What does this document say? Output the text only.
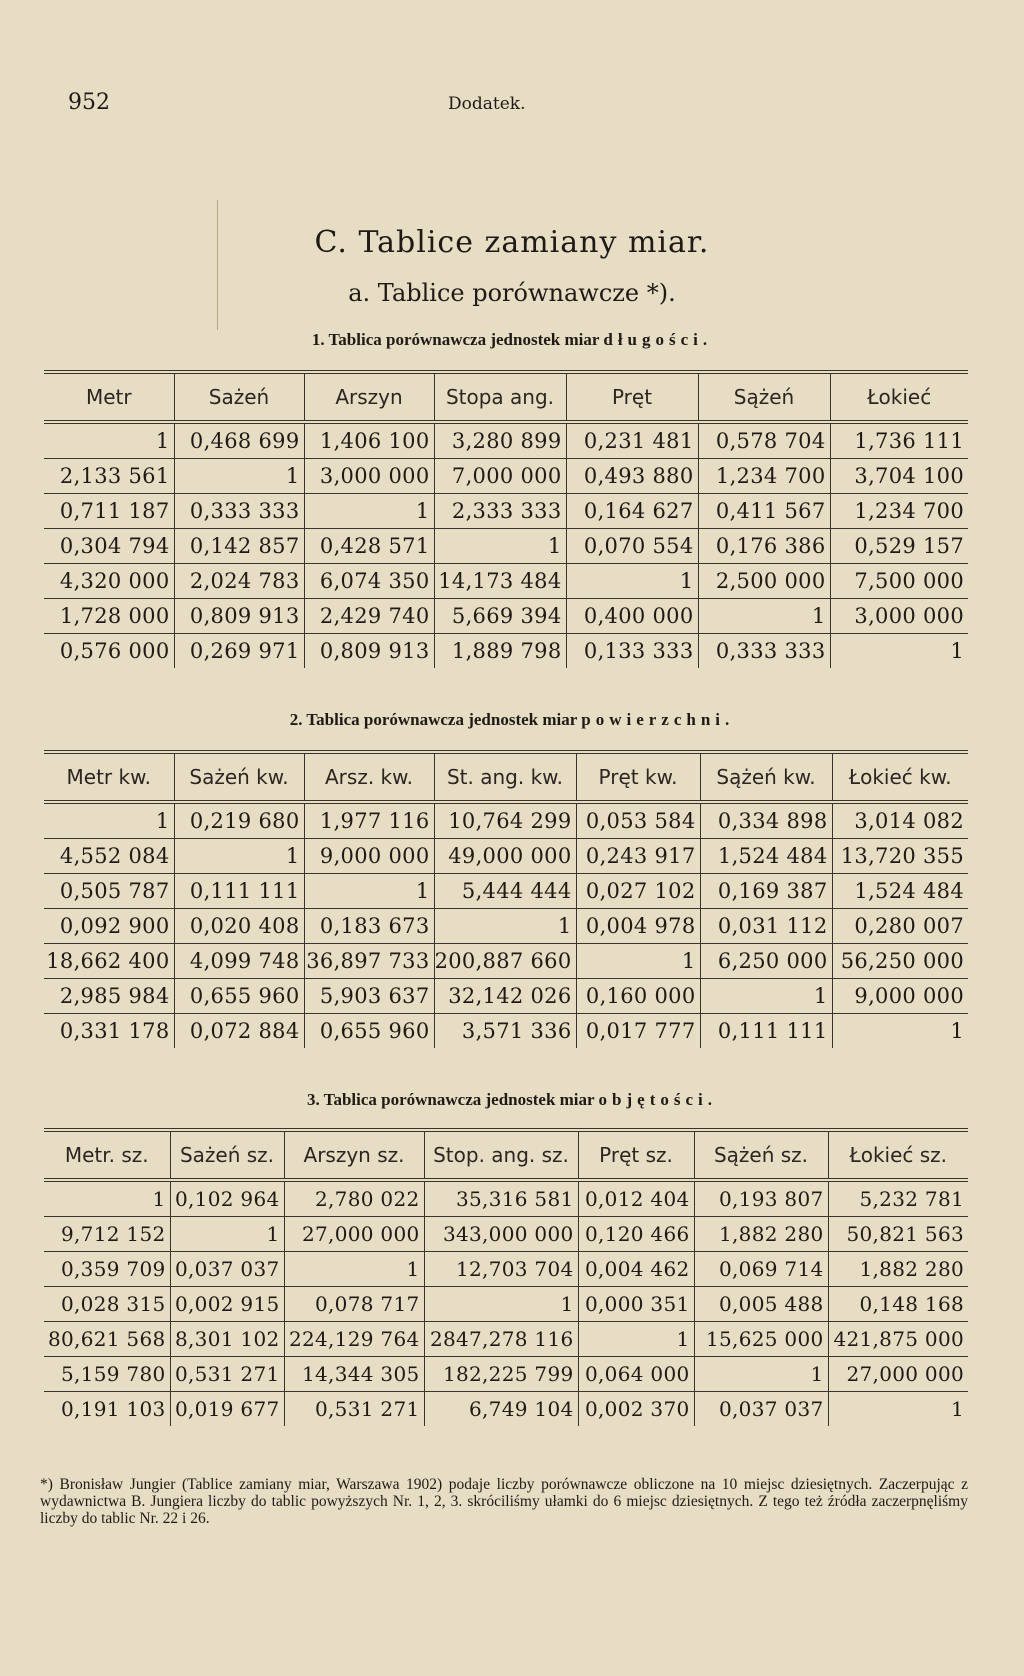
952	Dodatek.
C. Tablice zamiany miar.
a. Tablice porównawcze *).
1. Tablica porównawcza jednostek miar długości.
Metr	Sażeń	Arszyn	Stopa ang.	Pręt	Sążeń	Łokieć
1	0,468 699	1,406 100	3,280 899	0,231 481	0,578 704	1,736 111
2,133 561	1	3,000 000	7,000 000	0,493 880	1,234 700	3,704 100
0,711 187	0,333 333	1	2,333 333	0,164 627	0,411 567	1,234 700
0,304 794	0,142 857	0,428 571	1	0,070 554	0,176 386	0,529 157
4,320 000	2,024 783	6,074 350	14,173 484	1	2,500 000	7,500 000
1,728 000	0,809 913	2,429 740	5,669 394	0,400 000	1	3,000 000
0,576 000	0,269 971	0,809 913	1,889 798	0,133 333	0,333 333	1
2. Tablica porównawcza jednostek miar powierzchni.
Metr kw.	Sażeń kw.	Arsz. kw.	St. ang. kw.	Pręt kw.	Sążeń kw.	Łokieć kw.
1	0,219 680	1,977 116	10,764 299	0,053 584	0,334 898	3,014 082
4,552 084	1	9,000 000	49,000 000	0,243 917	1,524 484	13,720 355
0,505 787	0,111 111	1	5,444 444	0,027 102	0,169 387	1,524 484
0,092 900	0,020 408	0,183 673	1	0,004 978	0,031 112	0,280 007
18,662 400	4,099 748	36,897 733	200,887 660	1	6,250 000	56,250 000
2,985 984	0,655 960	5,903 637	32,142 026	0,160 000	1	9,000 000
0,331 178	0,072 884	0,655 960	3,571 336	0,017 777	0,111 111	1
3. Tablica porównawcza jednostek miar objętości.
Metr. sz.	Sażeń sz.	Arszyn sz.	Stop. ang. sz.	Pręt sz.	Sążeń sz.	Łokieć sz.
1	0,102 964	2,780 022	35,316 581	0,012 404	0,193 807	5,232 781
9,712 152	1	27,000 000	343,000 000	0,120 466	1,882 280	50,821 563
0,359 709	0,037 037	1	12,703 704	0,004 462	0,069 714	1,882 280
0,028 315	0,002 915	0,078 717	1	0,000 351	0,005 488	0,148 168
80,621 568	8,301 102	224,129 764	2847,278 116	1	15,625 000	421,875 000
5,159 780	0,531 271	14,344 305	182,225 799	0,064 000	1	27,000 000
0,191 103	0,019 677	0,531 271	6,749 104	0,002 370	0,037 037	1
*) Bronisław Jungier (Tablice zamiany miar, Warszawa 1902) podaje liczby porównawcze obliczone na 10 miejsc dziesiętnych. Zaczerpując z wydawnictwa B. Jungiera liczby do tablic powyższych Nr. 1, 2, 3. skróciliśmy ułamki do 6 miejsc dziesiętnych. Z tego też źródła zaczerpnęliśmy liczby do tablic Nr. 22 i 26.
